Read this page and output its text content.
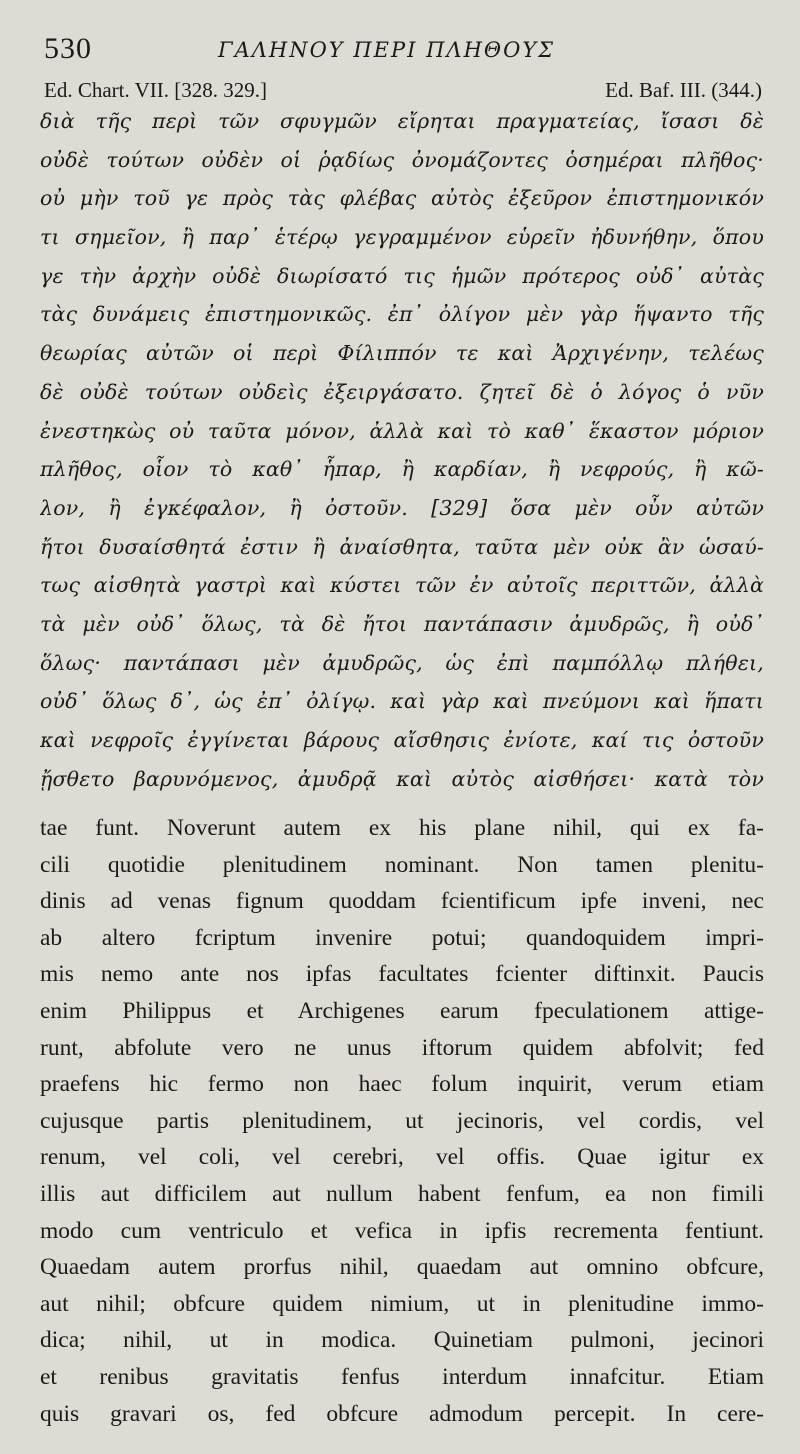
530	ΓΑΛΗΝΟΥ ΠΕΡΙ ΠΛΗΘΟΥΣ
Ed. Chart. VII. [328. 329.]	Ed. Baf. III. (344.)
διὰ τῆς περὶ τῶν σφυγμῶν εἴρηται πραγματείας, ἴσασι δὲ
οὐδὲ τούτων οὐδὲν οἱ ῥᾳδίως ὀνομάζοντες ὁσημέραι πλῆθος·
οὐ μὴν τοῦ γε πρὸς τὰς φλέβας αὐτὸς ἐξεῦρον ἐπιστημονικόν
τι σημεῖον, ἢ παρ᾽ ἑτέρῳ γεγραμμένον εὑρεῖν ἠδυνήθην, ὅπου
γε τὴν ἀρχὴν οὐδὲ διωρίσατό τις ἡμῶν πρότερος οὐδ᾽ αὐτὰς
τὰς δυνάμεις ἐπιστημονικῶς. ἐπ᾽ ὀλίγον μὲν γὰρ ἥψαντο τῆς
θεωρίας αὐτῶν οἱ περὶ Φίλιππόν τε καὶ Ἀρχιγένην, τελέως
δὲ οὐδὲ τούτων οὐδεὶς ἐξειργάσατο. ζητεῖ δὲ ὁ λόγος ὁ νῦν
ἐνεστηκὼς οὐ ταῦτα μόνον, ἀλλὰ καὶ τὸ καθ᾽ ἕκαστον μόριον
πλῆθος, οἷον τὸ καθ᾽ ἧπαρ, ἢ καρδίαν, ἢ νεφρούς, ἢ κῶ-
λον, ἢ ἐγκέφαλον, ἢ ὀστοῦν. [329] ὅσα μὲν οὖν αὐτῶν
ἤτοι δυσαίσθητά ἐστιν ἢ ἀναίσθητα, ταῦτα μὲν οὐκ ἂν ὡσαύ-
τως αἰσθητὰ γαστρὶ καὶ κύστει τῶν ἐν αὐτοῖς περιττῶν, ἀλλὰ
τὰ μὲν οὐδ᾽ ὅλως, τὰ δὲ ἤτοι παντάπασιν ἀμυδρῶς, ἢ οὐδ᾽
ὅλως· παντάπασι μὲν ἀμυδρῶς, ὡς ἐπὶ παμπόλλῳ πλήθει,
οὐδ᾽ ὅλως δ᾽, ὡς ἐπ᾽ ὀλίγῳ. καὶ γὰρ καὶ πνεύμονι καὶ ἥπατι
καὶ νεφροῖς ἐγγίνεται βάρους αἴσθησις ἐνίοτε, καί τις ὀστοῦν
ᾔσθετο βαρυνόμενος, ἀμυδρᾷ καὶ αὐτὸς αἰσθήσει· κατὰ τὸν
tae funt. Noverunt autem ex his plane nihil, qui ex fa-
cili quotidie plenitudinem nominant. Non tamen plenitu-
dinis ad venas fignum quoddam fcientificum ipfe inveni, nec
ab altero fcriptum invenire potui; quandoquidem impri-
mis nemo ante nos ipfas facultates fcienter diftinxit. Paucis
enim Philippus et Archigenes earum fpeculationem attige-
runt, abfolute vero ne unus iftorum quidem abfolvit; fed
praefens hic fermo non haec folum inquirit, verum etiam
cujusque partis plenitudinem, ut jecinoris, vel cordis, vel
renum, vel coli, vel cerebri, vel offis. Quae igitur ex
illis aut difficilem aut nullum habent fenfum, ea non fimili
modo cum ventriculo et vefica in ipfis recrementa fentiunt.
Quaedam autem prorfus nihil, quaedam aut omnino obfcure,
aut nihil; obfcure quidem nimium, ut in plenitudine immo-
dica; nihil, ut in modica. Quinetiam pulmoni, jecinori
et renibus gravitatis fenfus interdum innafcitur. Etiam
quis gravari os, fed obfcure admodum percepit. In cere-
